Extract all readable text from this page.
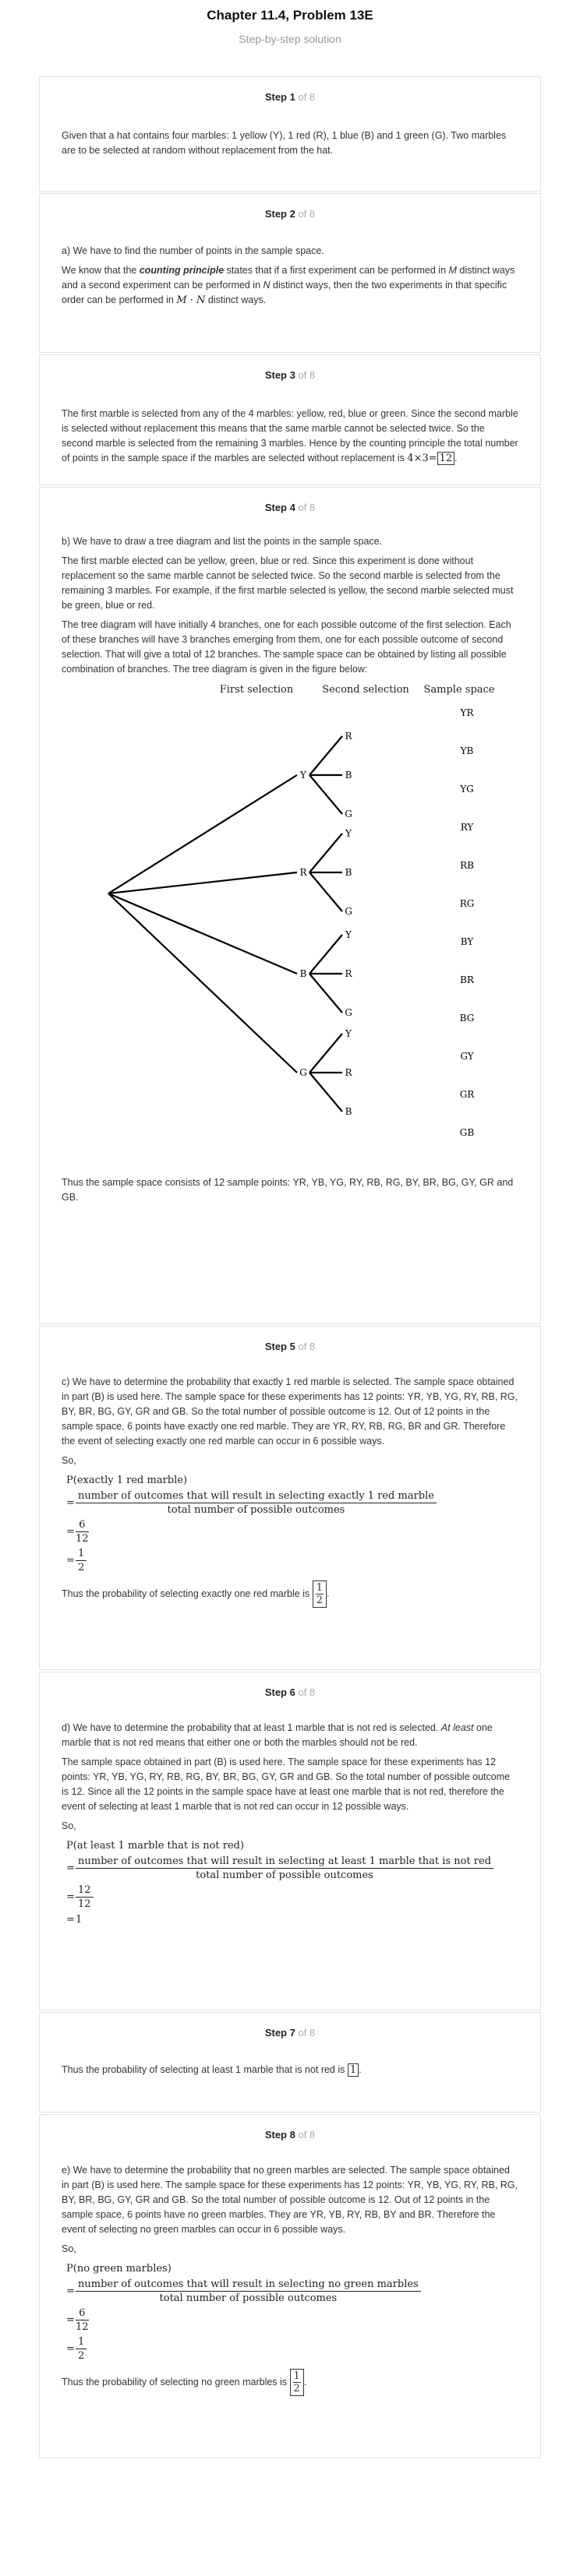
Chapter 11.4, Problem 13E
Step-by-step solution
Step 1 of 8

Given that a hat contains four marbles: 1 yellow (Y), 1 red (R), 1 blue (B) and 1 green (G). Two marbles are to be selected at random without replacement from the hat.

Step 2 of 8

a) We have to find the number of points in the sample space.

We know that the counting principle states that if a first experiment can be performed in M distinct ways and a second experiment can be performed in N distinct ways, then the two experiments in that specific order can be performed in M · N distinct ways.

Step 3 of 8

The first marble is selected from any of the 4 marbles: yellow, red, blue or green. Since the second marble is selected without replacement this means that the same marble cannot be selected twice. So the second marble is selected from the remaining 3 marbles. Hence by the counting principle the total number of points in the sample space if the marbles are selected without replacement is 4×3= 12 .

Step 4 of 8

b) We have to draw a tree diagram and list the points in the sample space.

The first marble elected can be yellow, green, blue or red. Since this experiment is done without replacement so the same marble cannot be selected twice. So the second marble is selected from the remaining 3 marbles. For example, if the first marble selected is yellow, the second marble selected must be green, blue or red.

The tree diagram will have initially 4 branches, one for each possible outcome of the first selection. Each of these branches will have 3 branches emerging from them, one for each possible outcome of second selection. That will give a total of 12 branches. The sample space can be obtained by listing all possible combination of branches. The tree diagram is given in the figure below:

First selection	Second selection Sample space
Y
R
YR
B
YB
G
YG
R
Y
RY
B
RB
G
RG
B
Y
BY
R
BR
G	BG
G
Y
GY
R
GR
B
GB

Thus the sample space consists of 12 sample points: YR, YB, YG, RY, RB, RG, BY, BR, BG, GY, GR and GB.

Step 5 of 8

c) We have to determine the probability that exactly 1 red marble is selected. The sample space obtained in part (B) is used here. The sample space for these experiments has 12 points: YR, YB, YG, RY, RB, RG, BY, BR, BG, GY, GR and GB. So the total number of possible outcome is 12. Out of 12 points in the sample space, 6 points have exactly one red marble. They are YR, RY, RB, RG, BR and GR. Therefore the event of selecting exactly one red marble can occur in 6 possible ways.

So,

P(exactly 1 red marble)
=
number of outcomes that will result in selecting exactly 1 red marble
total number of possible outcomes
= $\frac{6}{12}$
= $\frac{1}{2}$

Thus the probability of selecting exactly one red marble is $\frac{1}{2}$ .

Step 6 of 8

d) We have to determine the probability that at least 1 marble that is not red is selected. At least one marble that is not red means that either one or both the marbles should not be red.

The sample space obtained in part (B) is used here. The sample space for these experiments has 12 points: YR, YB, YG, RY, RB, RG, BY, BR, BG, GY, GR and GB. So the total number of possible outcome is 12. Since all the 12 points in the sample space have at least one marble that is not red, therefore the event of selecting at least 1 marble that is not red can occur in 12 possible ways.

So,

P(at least 1 marble that is not red)
=
number of outcomes that will result in selecting at least 1 marble that is not red
total number of possible outcomes
= $\frac{12}{12}$
= 1
Step 7 of 8

Thus the probability of selecting at least 1 marble that is not red is 1 .

Step 8 of 8

e) We have to determine the probability that no green marbles are selected. The sample space obtained in part (B) is used here. The sample space for these experiments has 12 points: YR, YB, YG, RY, RB, RG, BY, BR, BG, GY, GR and GB. So the total number of possible outcome is 12. Out of 12 points in the sample space, 6 points have no green marbles. They are YR, YB, RY, RB, BY and BR. Therefore the event of selecting no green marbles can occur in 6 possible ways.

So,

P(no green marbles)
=
number of outcomes that will result in selecting no green marbles
total number of possible outcomes
= $\frac{6}{12}$
= $\frac{1}{2}$

Thus the probability of selecting no green marbles is $\frac{1}{2}$ .
